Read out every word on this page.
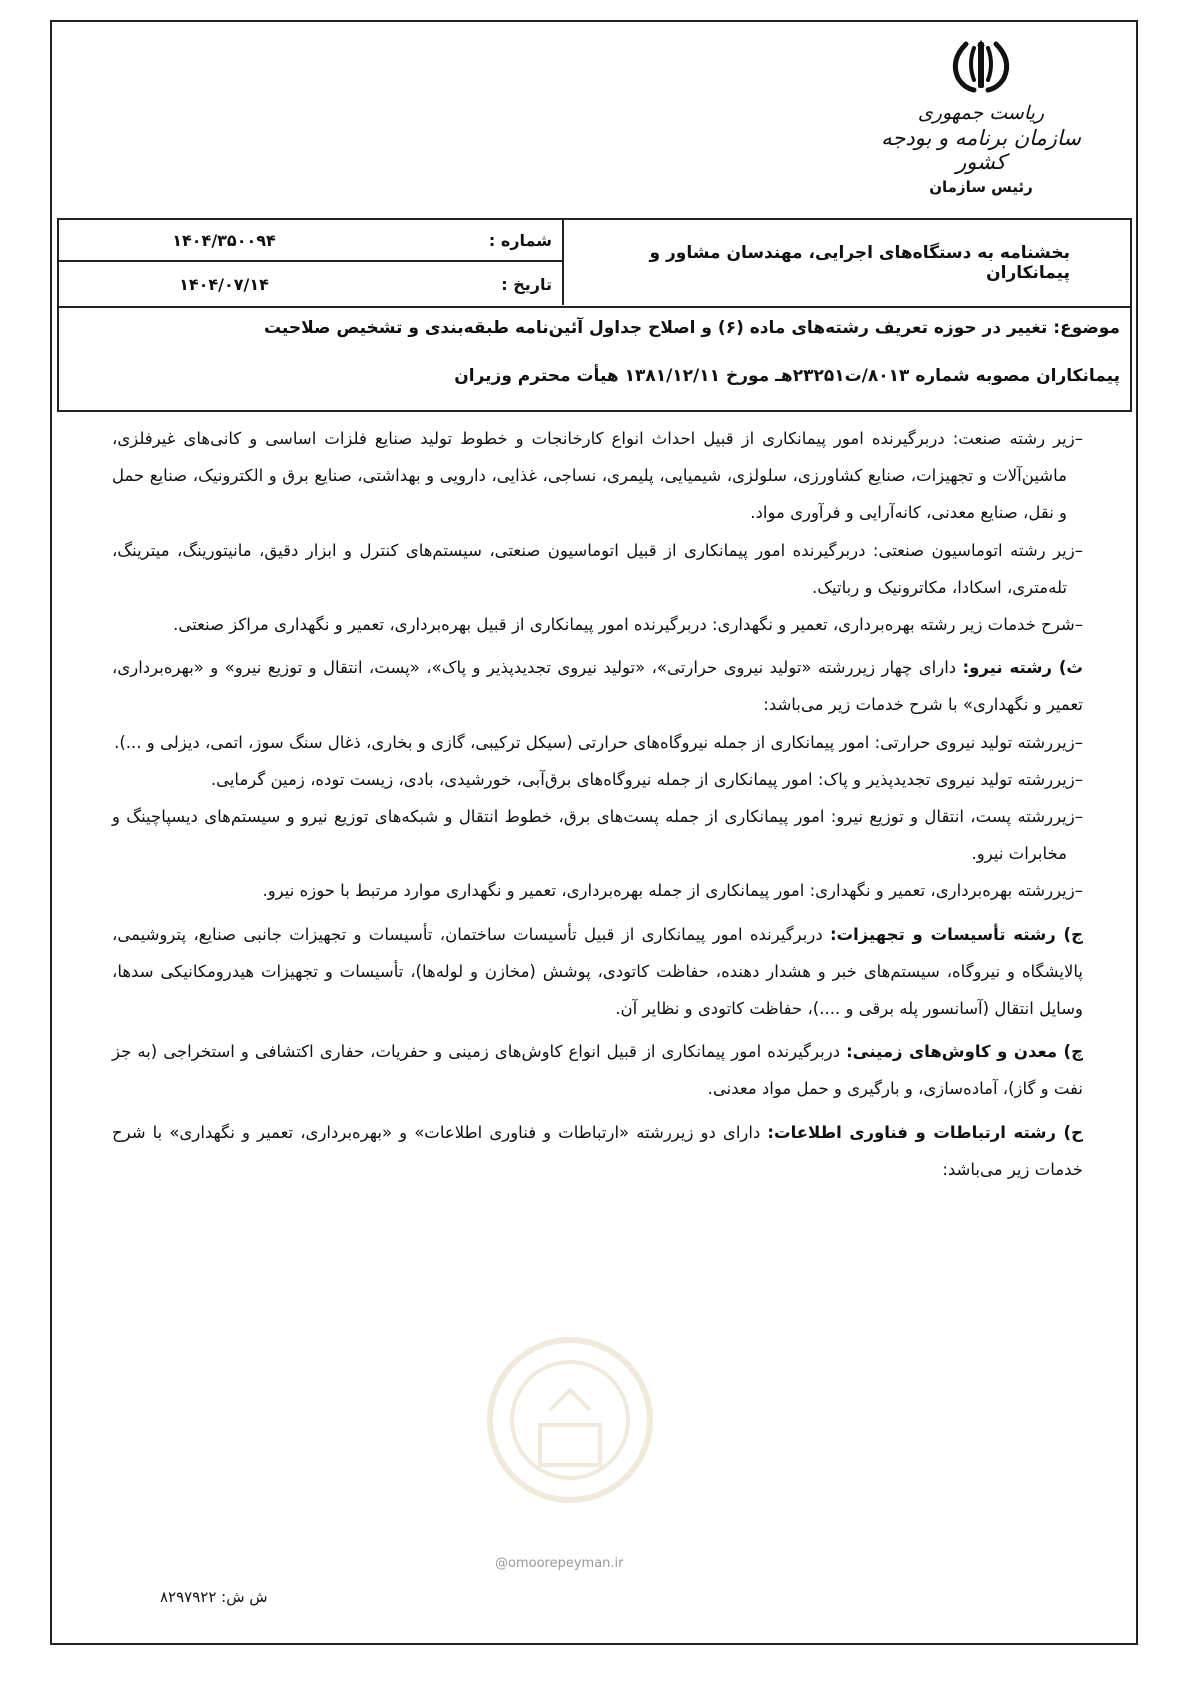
ریاست جمهوری
سازمان برنامه و بودجه کشور
رئیس سازمان
بخشنامه به دستگاه‌های اجرایی، مهندسان مشاور و پیمانکاران
شماره :
۱۴۰۴/۳۵۰۰۹۴
تاریخ :
۱۴۰۴/۰۷/۱۴
موضوع: تغییر در حوزه تعریف رشته‌های ماده (۶) و اصلاح جداول آئین‌نامه طبقه‌بندی و تشخیص صلاحیت
پیمانکاران مصوبه شماره ۸۰۱۳/ت۲۳۲۵۱هـ مورخ ۱۳۸۱/۱۲/۱۱ هیأت محترم وزیران

–زیر رشته صنعت: دربرگیرنده امور پیمانکاری از قبیل احداث انواع کارخانجات و خطوط تولید صنایع فلزات اساسی و کانی‌های غیرفلزی، ماشین‌آلات و تجهیزات، صنایع کشاورزی، سلولزی، شیمیایی، پلیمری، نساجی، غذایی، دارویی و بهداشتی، صنایع برق و الکترونیک، صنایع حمل و نقل، صنایع معدنی، کانه‌آرایی و فرآوری مواد.

–زیر رشته اتوماسیون صنعتی: دربرگیرنده امور پیمانکاری از قبیل اتوماسیون صنعتی، سیستم‌های کنترل و ابزار دقیق، مانیتورینگ، میترینگ، تله‌متری، اسکادا، مکاترونیک و رباتیک.

–شرح خدمات زیر رشته بهره‌برداری، تعمیر و نگهداری: دربرگیرنده امور پیمانکاری از قبیل بهره‌برداری، تعمیر و نگهداری مراکز صنعتی.

ث) رشته نیرو: دارای چهار زیررشته «تولید نیروی حرارتی»، «تولید نیروی تجدیدپذیر و پاک»، «پست، انتقال و توزیع نیرو» و «بهره‌برداری، تعمیر و نگهداری» با شرح خدمات زیر می‌باشد:

–زیررشته تولید نیروی حرارتی: امور پیمانکاری از جمله نیروگاه‌های حرارتی (سیکل ترکیبی، گازی و بخاری، ذغال سنگ سوز، اتمی، دیزلی و ...).

–زیررشته تولید نیروی تجدیدپذیر و پاک: امور پیمانکاری از جمله نیروگاه‌های برق‌آبی، خورشیدی، بادی، زیست توده، زمین گرمایی.

–زیررشته پست، انتقال و توزیع نیرو: امور پیمانکاری از جمله پست‌های برق، خطوط انتقال و شبکه‌های توزیع نیرو و سیستم‌های دیسپاچینگ و مخابرات نیرو.

–زیررشته بهره‌برداری، تعمیر و نگهداری: امور پیمانکاری از جمله بهره‌برداری، تعمیر و نگهداری موارد مرتبط با حوزه نیرو.

ج) رشته تأسیسات و تجهیزات: دربرگیرنده امور پیمانکاری از قبیل تأسیسات ساختمان، تأسیسات و تجهیزات جانبی صنایع، پتروشیمی، پالایشگاه و نیروگاه، سیستم‌های خبر و هشدار دهنده، حفاظت کاتودی، پوشش (مخازن و لوله‌ها)، تأسیسات و تجهیزات هیدرومکانیکی سدها، وسایل انتقال (آسانسور پله برقی و ....)، حفاظت کاتودی و نظایر آن.

چ) معدن و کاوش‌های زمینی: دربرگیرنده امور پیمانکاری از قبیل انواع کاوش‌های زمینی و حفریات، حفاری اکتشافی و استخراجی (به جز نفت و گاز)، آماده‌سازی، و بارگیری و حمل مواد معدنی.

ح) رشته ارتباطات و فناوری اطلاعات: دارای دو زیررشته «ارتباطات و فناوری اطلاعات» و «بهره‌برداری، تعمیر و نگهداری» با شرح خدمات زیر می‌باشد:

@omoorepeyman.ir
ش ش: ۸۲۹۷۹۲۲
